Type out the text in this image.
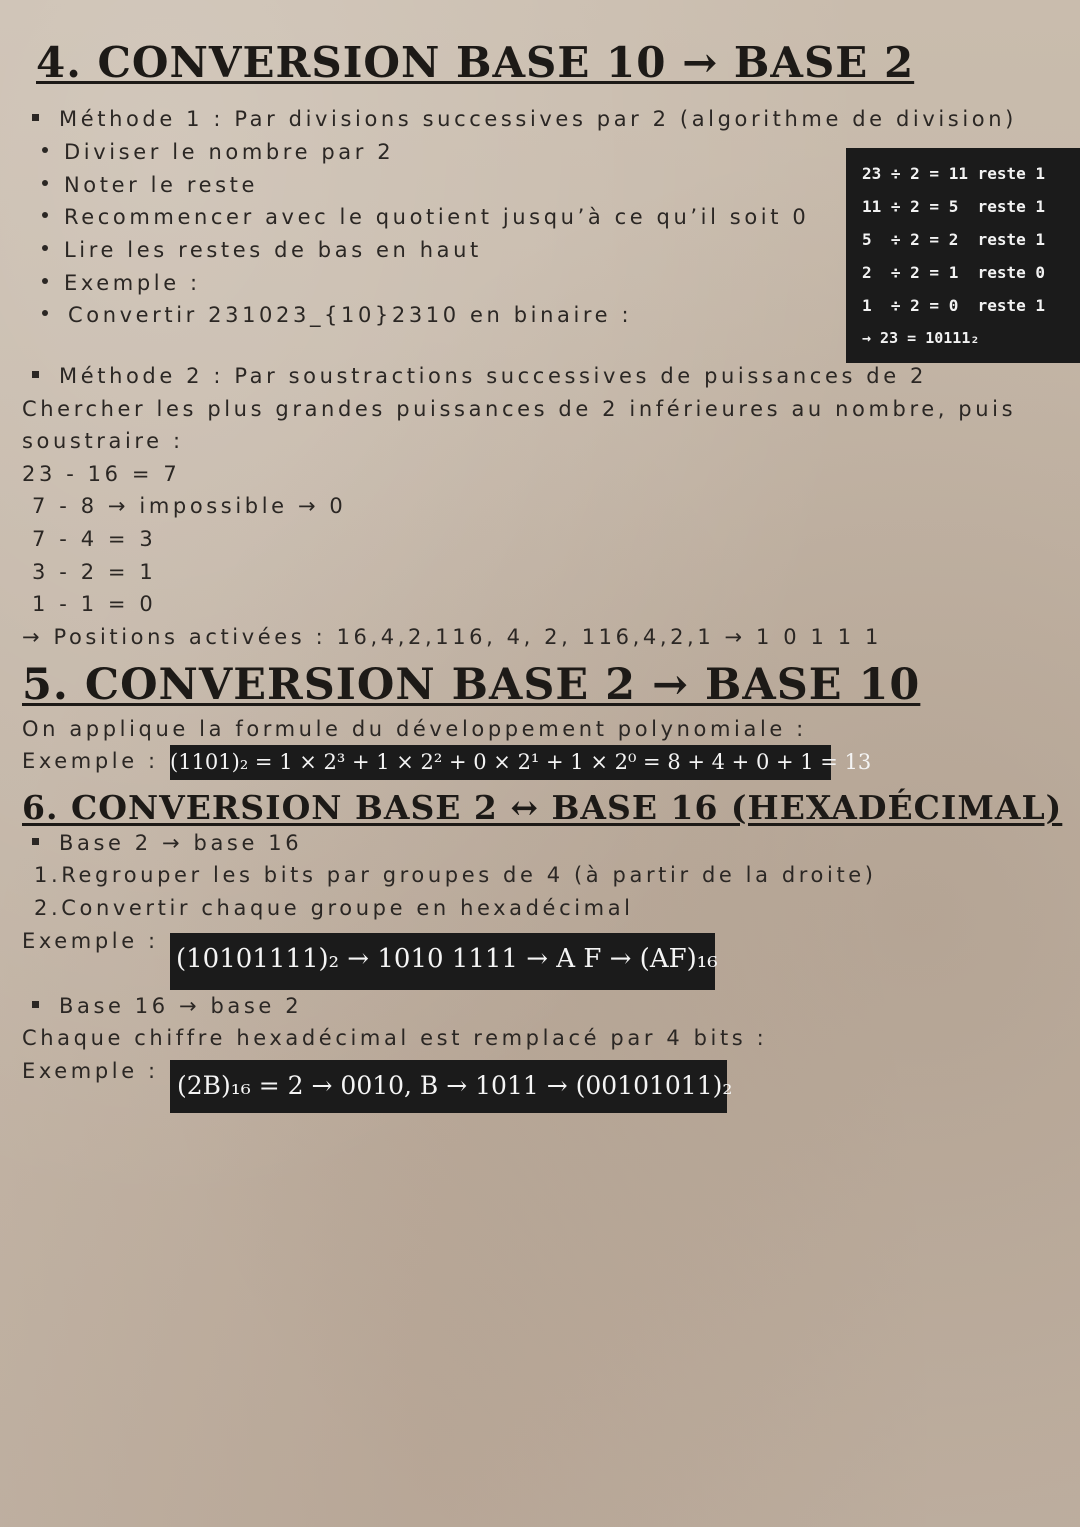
4. CONVERSION BASE 10 → BASE 2
Méthode 1 : Par divisions successives par 2 (algorithme de division)
Diviser le nombre par 2
Noter le reste
Recommencer avec le quotient jusqu’à ce qu’il soit 0
Lire les restes de bas en haut
Exemple :
Convertir 231023_{10}2310 en binaire :
23 ÷ 2 = 11 reste 1
11 ÷ 2 = 5  reste 1
5  ÷ 2 = 2  reste 1
2  ÷ 2 = 1  reste 0
1  ÷ 2 = 0  reste 1
→ 23 = 10111₂
Méthode 2 : Par soustractions successives de puissances de 2
Chercher les plus grandes puissances de 2 inférieures au nombre, puis
soustraire :
23 - 16 = 7
7 - 8 → impossible → 0
7 - 4 = 3
3 - 2 = 1
1 - 1 = 0
→ Positions activées : 16,4,2,116, 4, 2, 116,4,2,1 → 1 0 1 1 1
5. CONVERSION BASE 2 → BASE 10
On applique la formule du développement polynomiale :
Exemple : (1101)₂ = 1 × 2³ + 1 × 2² + 0 × 2¹ + 1 × 2⁰ = 8 + 4 + 0 + 1 = 13
6. CONVERSION BASE 2 ↔ BASE 16 (HEXADÉCIMAL)
Base 2 → base 16
1.Regrouper les bits par groupes de 4 (à partir de la droite)
2.Convertir chaque groupe en hexadécimal
Exemple :
(10101111)₂ → 1010 1111 → A F → (AF)₁₆
Base 16 → base 2
Chaque chiffre hexadécimal est remplacé par 4 bits :
Exemple : (2B)₁₆ = 2 → 0010, B → 1011 → (00101011)₂
